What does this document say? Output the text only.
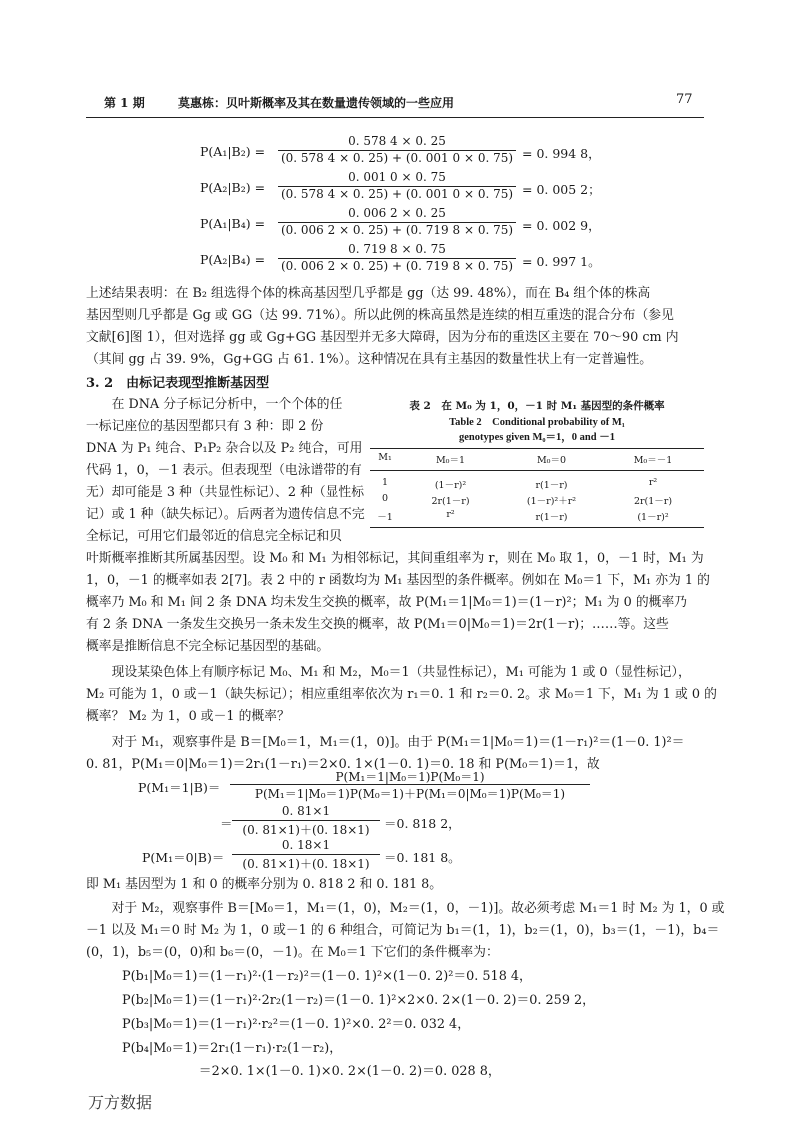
第 1 期	莫惠栋：贝叶斯概率及其在数量遗传领域的一些应用	77
P(A₁|B₂) =
0. 578 4 × 0. 25
(0. 578 4 × 0. 25) + (0. 001 0 × 0. 75) = 0. 994 8，
P(A₂|B₂) =
0. 001 0 × 0. 75
(0. 578 4 × 0. 25) + (0. 001 0 × 0. 75) = 0. 005 2；
P(A₁|B₄) =
0. 006 2 × 0. 25
(0. 006 2 × 0. 25) + (0. 719 8 × 0. 75) = 0. 002 9，
P(A₂|B₄) =
0. 719 8 × 0. 75
(0. 006 2 × 0. 25) + (0. 719 8 × 0. 75) = 0. 997 1。
上述结果表明：在 B₂ 组选得个体的株高基因型几乎都是 gg（达 99. 48%），而在 B₄ 组个体的株高
基因型则几乎都是 Gg 或 GG（达 99. 71%）。所以此例的株高虽然是连续的相互重迭的混合分布（参见
文献[6]图 1），但对选择 gg 或 Gg+GG 基因型并无多大障碍，因为分布的重迭区主要在 70～90 cm 内
（其间 gg 占 39. 9%，Gg+GG 占 61. 1%）。这种情况在具有主基因的数量性状上有一定普遍性。
3. 2　由标记表现型推断基因型
　　在 DNA 分子标记分析中，一个个体的任
一标记座位的基因型都只有 3 种：即 2 份
DNA 为 P₁ 纯合、P₁P₂ 杂合以及 P₂ 纯合，可用
代码 1，0，－1 表示。但表现型（电泳谱带的有
无）却可能是 3 种（共显性标记）、2 种（显性标
记）或 1 种（缺失标记）。后两者为遗传信息不完
全标记，可用它们最邻近的信息完全标记和贝
表 2　在 M₀ 为 1，0，－1 时 M₁ 基因型的条件概率
Table 2　Conditional probability of M₁
genotypes given M₀＝1，0 and －1
M₁	M₀＝1	M₀＝0	M₀＝－1
1	(1－r)²	r(1－r)	r²
0	2r(1－r)	(1－r)²＋r²	2r(1－r)
－1	r²	r(1－r)	(1－r)²
叶斯概率推断其所属基因型。设 M₀ 和 M₁ 为相邻标记，其间重组率为 r，则在 M₀ 取 1，0，－1 时，M₁ 为
1，0，－1 的概率如表 2[7]。表 2 中的 r 函数均为 M₁ 基因型的条件概率。例如在 M₀＝1 下，M₁ 亦为 1 的
概率乃 M₀ 和 M₁ 间 2 条 DNA 均未发生交换的概率，故 P(M₁＝1|M₀＝1)＝(1－r)²；M₁ 为 0 的概率乃
有 2 条 DNA 一条发生交换另一条未发生交换的概率，故 P(M₁＝0|M₀＝1)＝2r(1－r)；……等。这些
概率是推断信息不完全标记基因型的基础。
　　现设某染色体上有顺序标记 M₀、M₁ 和 M₂，M₀＝1（共显性标记），M₁ 可能为 1 或 0（显性标记），
M₂ 可能为 1，0 或－1（缺失标记）；相应重组率依次为 r₁＝0. 1 和 r₂＝0. 2。求 M₀＝1 下，M₁ 为 1 或 0 的
概率？ M₂ 为 1，0 或－1 的概率？
　　对于 M₁，观察事件是 B＝[M₀＝1，M₁＝(1，0)]。由于 P(M₁＝1|M₀＝1)＝(1－r₁)²＝(1－0. 1)²＝
0. 81，P(M₁＝0|M₀＝1)＝2r₁(1－r₁)＝2×0. 1×(1－0. 1)＝0. 18 和 P(M₀＝1)＝1，故
P(M₁＝1|B)＝
P(M₁＝1|M₀＝1)P(M₀＝1)
P(M₁＝1|M₀＝1)P(M₀＝1)＋P(M₁＝0|M₀＝1)P(M₀＝1)
＝
0. 81×1
(0. 81×1)＋(0. 18×1)	＝0. 818 2，
P(M₁＝0|B)＝
0. 18×1
(0. 81×1)＋(0. 18×1)	＝0. 181 8。
即 M₁ 基因型为 1 和 0 的概率分别为 0. 818 2 和 0. 181 8。
　　对于 M₂，观察事件 B＝[M₀＝1，M₁＝(1，0)，M₂＝(1，0，－1)]。故必须考虑 M₁＝1 时 M₂ 为 1，0 或
－1 以及 M₁＝0 时 M₂ 为 1，0 或－1 的 6 种组合，可简记为 b₁＝(1，1)，b₂＝(1，0)，b₃＝(1，－1)，b₄＝
(0，1)，b₅＝(0，0)和 b₆＝(0，－1)。在 M₀＝1 下它们的条件概率为：
P(b₁|M₀＝1)＝(1－r₁)²·(1－r₂)²＝(1－0. 1)²×(1－0. 2)²＝0. 518 4，
P(b₂|M₀＝1)＝(1－r₁)²·2r₂(1－r₂)＝(1－0. 1)²×2×0. 2×(1－0. 2)＝0. 259 2，
P(b₃|M₀＝1)＝(1－r₁)²·r₂²＝(1－0. 1)²×0. 2²＝0. 032 4，
P(b₄|M₀＝1)＝2r₁(1－r₁)·r₂(1－r₂)，
　　　　　　＝2×0. 1×(1－0. 1)×0. 2×(1－0. 2)＝0. 028 8，
万方数据
